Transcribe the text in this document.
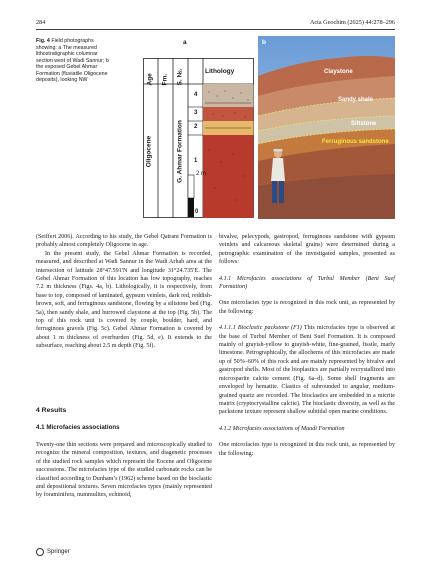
284	Acta Geochim (2025) 44:278–296
Fig. 4 Field photographs showing: a The measured lithostratigraphic columnar section west of Wadi Sannur; b the exposed Gebel Ahmar Formation (fluviatile Oligocene deposits), looking NW
a	b
Age Fm. S. №.	Lithology
Oligocene	G. Ahmar Formation
4
3
2
1
2 m
0
Claystone
Sandy shale
Siltstone
Ferruginous sandstone

(Seiffert 2006). According to his study, the Gebel Qatrani Formation is probably almost completely Oligocene in age.

In the present study, the Gebel Ahmar Formation is recorded, measured, and described at Wadi Sannur in the Wadi Arhab area at the intersection of latitude 28°47.591′N and longitude 31°24.735′E. The Gebel Ahmar Formation of this location has low topography, reaches 7.2 m thickness (Figs. 4a, b). Lithologically, it is respectively, from base to top, composed of laminated, gypsum veinlets, dark red, reddish-brown, soft, and ferruginous sandstone, flowing by a siltstone bed (Fig. 5a), then sandy shale, and burrowed claystone at the top (Fig. 5b). The top of this rock unit is covered by couple, boulder, hard, and ferruginous gravels (Fig. 5c). Gebel Ahmar Formation is covered by about 1 m thickness of overburden (Fig. 5d, e). It extends to the subsurface, reaching about 2.5 m depth (Fig. 5f).

4 Results
4.1 Microfacies associations

Twenty-one thin sections were prepared and microscopically studied to recognize the mineral composition, textures, and diagenetic processes of the studied rock samples which represent the Eocene and Oligocene successions. The microfacies type of the studied carbonate rocks can be classified according to Dunham’s (1962) scheme based on the bioclastic and depositional textures. Seven microfacies types (mainly represented by foraminifera, nummulites, echinoid,

bivalve, pelecypods, gastropod, ferruginous sandstone with gypsum veinlets and calcareous skeletal grains) were determined during a petrographic examination of the investigated samples, presented as follows:

4.1.1 Microfacies associations of Turbul Member (Beni Suef Formation)

One microfacies type is recognized in this rock unit, as represented by the following:

4.1.1.1 Bioclastic packstone (F1) This microfacies type is observed at the base of Turbul Member of Beni Suef Formation. It is composed mainly of grayish-yellow to grayish-white, fine-grained, fissile, marly limestone. Petrographically, the allochems of this microfacies are made up of 50%–60% of this rock and are mainly represented by bivalve and gastropod shells. Most of the bioplastics are partially recrystallized into microsparite calcite cement (Fig. 6a–d). Some shell fragments are enveloped by hematite. Clastics of subrounded to angular, medium-grained quartz are recorded. The bioclastics are embedded in a micrite matrix (cryptocrystalline calcite). The bioclastic diversity, as well as the packstone texture represent shallow subtidal open marine conditions.

4.1.2 Microfacies associations of Maadi Formation

One microfacies type is recognized in this rock unit, as represented by the following:

Springer
